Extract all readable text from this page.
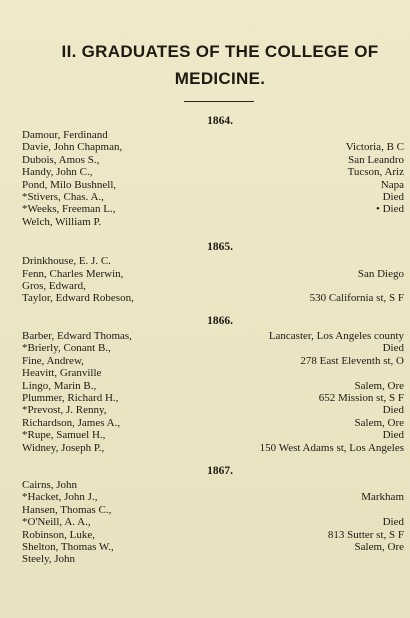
II. GRADUATES OF THE COLLEGE OF
MEDICINE.
1864.
Damour, Ferdinand
Davie, John Chapman,	Victoria, B C
Dubois, Amos S.,	San Leandro
Handy, John C.,	Tucson, Ariz
Pond, Milo Bushnell,	Napa
*Stivers, Chas. A.,	Died
*Weeks, Freeman L.,	• Died
Welch, William P.
1865.
Drinkhouse, E. J. C.
Fenn, Charles Merwin,	San Diego
Gros, Edward,
Taylor, Edward Robeson,	530 California st, S F
1866.
Barber, Edward Thomas,	Lancaster, Los Angeles county
*Brierly, Conant B.,	Died
Fine, Andrew,	278 East Eleventh st, O
Heavitt, Granville
Lingo, Marin B.,	Salem, Ore
Plummer, Richard H.,	652 Mission st, S F
*Prevost, J. Renny,	Died
Richardson, James A.,	Salem, Ore
*Rupe, Samuel H.,	Died
Widney, Joseph P.,	150 West Adams st, Los Angeles
1867.
Cairns, John
*Hacket, John J.,	Markham
Hansen, Thomas C.,
*O'Neill, A. A.,	Died
Robinson, Luke,	813 Sutter st, S F
Shelton, Thomas W.,	Salem, Ore
Steely, John
